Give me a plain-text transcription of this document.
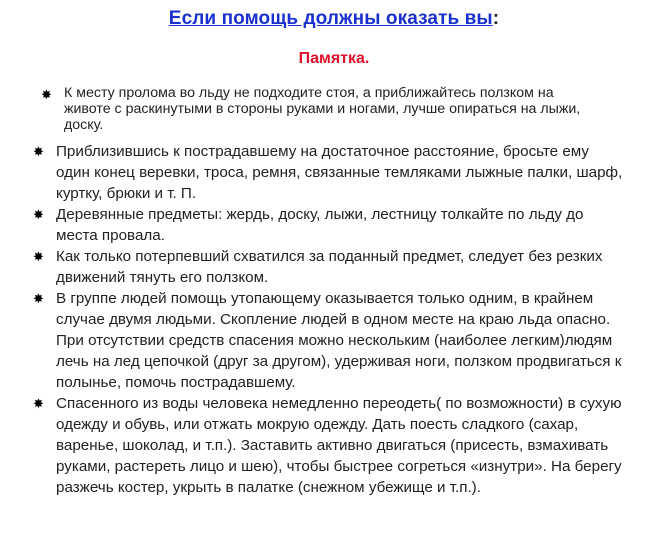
Если помощь должны оказать вы:
Памятка.
✸ К месту пролома во льду не подходите стоя, а приближайтесь ползком на
животе с раскинутыми в стороны руками и ногами, лучше опираться на лыжи,
доску.
✸ Приблизившись к пострадавшему на достаточное расстояние, бросьте ему
один конец веревки, троса, ремня, связанные темляками лыжные палки, шарф,
куртку, брюки и т. П.
✸ Деревянные предметы: жердь, доску, лыжи, лестницу толкайте по льду до
места провала.
✸ Как только потерпевший схватился за поданный предмет, следует без резких
движений тянуть его ползком.
✸ В группе людей помощь утопающему оказывается только одним, в крайнем
случае двумя людьми. Скопление людей в одном месте на краю льда опасно.
При отсутствии средств спасения можно нескольким (наиболее легким)людям
лечь на лед цепочкой (друг за другом), удерживая ноги, ползком продвигаться к
полынье, помочь пострадавшему.
✸ Спасенного из воды человека немедленно переодеть( по возможности) в сухую
одежду и обувь, или отжать мокрую одежду. Дать поесть сладкого (сахар,
варенье, шоколад, и т.п.). Заставить активно двигаться (присесть, взмахивать
руками, растереть лицо и шею), чтобы быстрее согреться «изнутри». На берегу
разжечь костер, укрыть в палатке (снежном убежище и т.п.).
